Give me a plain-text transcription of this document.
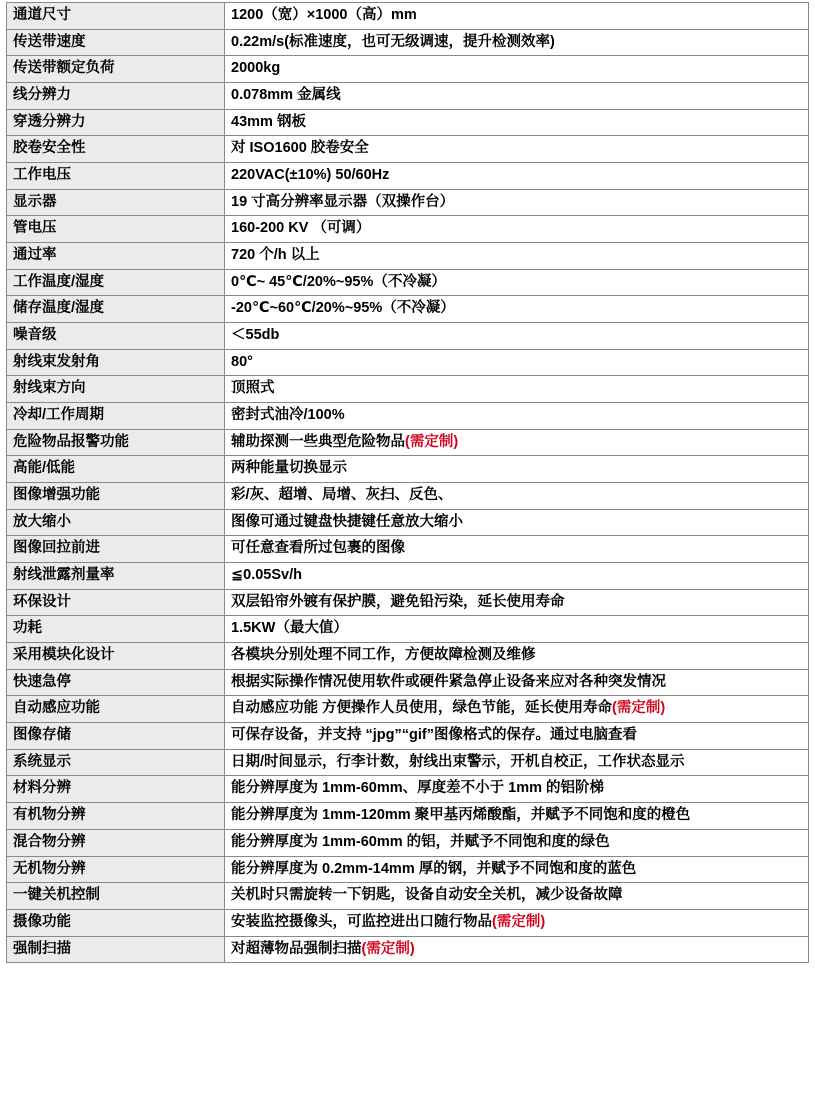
通道尺寸	1200（宽）×1000（高）mm
传送带速度	0.22m/s(标准速度，也可无级调速，提升检测效率)
传送带额定负荷	2000kg
线分辨力	0.078mm 金属线
穿透分辨力	43mm 钢板
胶卷安全性	对 ISO1600 胶卷安全
工作电压	220VAC(±10%) 50/60Hz
显示器	19 寸高分辨率显示器（双操作台）
管电压	160-200 KV （可调）
通过率	720 个/h 以上
工作温度/湿度	0℃~ 45℃/20%~95%（不冷凝）
储存温度/湿度	-20℃~60℃/20%~95%（不冷凝）
噪音级	＜55db
射线束发射角	80°
射线束方向	顶照式
冷却/工作周期	密封式油冷/100%
危险物品报警功能	辅助探测一些典型危险物品(需定制)
高能/低能	两种能量切换显示
图像增强功能	彩/灰、超增、局增、灰扫、反色、
放大缩小	图像可通过键盘快捷键任意放大缩小
图像回拉前进	可任意查看所过包裹的图像
射线泄露剂量率	≦0.05Sv/h
环保设计	双层铅帘外镀有保护膜，避免铅污染，延长使用寿命
功耗	1.5KW（最大值）
采用模块化设计	各模块分别处理不同工作，方便故障检测及维修
快速急停	根据实际操作情况使用软件或硬件紧急停止设备来应对各种突发情况
自动感应功能	自动感应功能 方便操作人员使用，绿色节能，延长使用寿命(需定制)
图像存储	可保存设备，并支持 “jpg”“gif”图像格式的保存。通过电脑查看
系统显示	日期/时间显示，行李计数，射线出束警示，开机自校正，工作状态显示
材料分辨	能分辨厚度为 1mm-60mm、厚度差不小于 1mm 的铝阶梯
有机物分辨	能分辨厚度为 1mm-120mm 聚甲基丙烯酸酯，并赋予不同饱和度的橙色
混合物分辨	能分辨厚度为 1mm-60mm 的铝，并赋予不同饱和度的绿色
无机物分辨	能分辨厚度为 0.2mm-14mm 厚的钢，并赋予不同饱和度的蓝色
一键关机控制	关机时只需旋转一下钥匙，设备自动安全关机，减少设备故障
摄像功能	安装监控摄像头，可监控进出口随行物品(需定制)
强制扫描	对超薄物品强制扫描(需定制)
